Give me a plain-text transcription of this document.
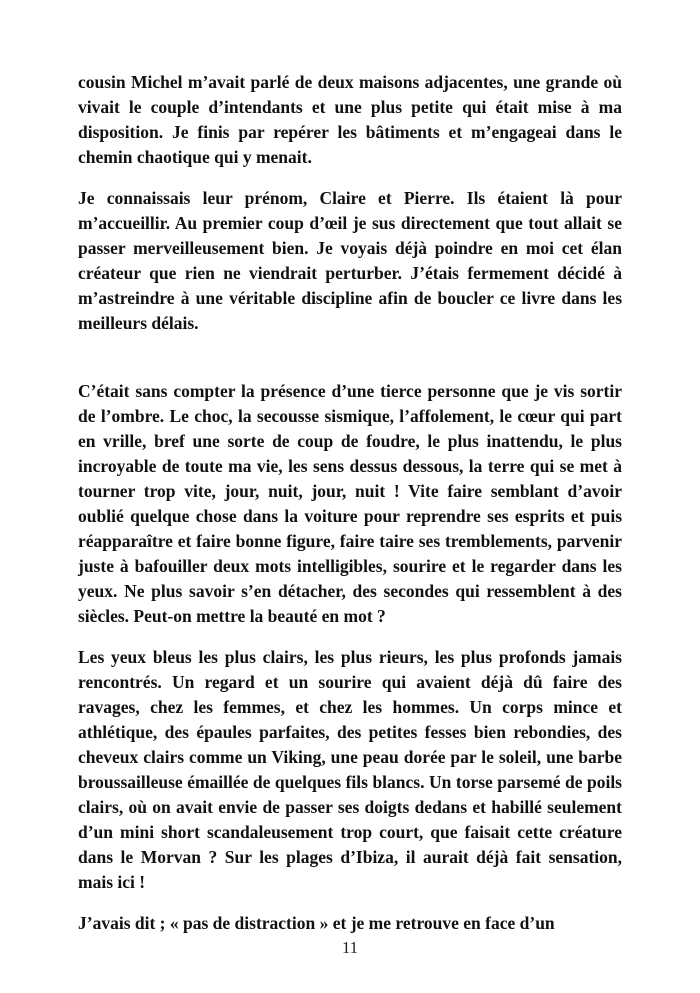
cousin Michel m’avait parlé de deux maisons adjacentes, une grande où vivait le couple d’intendants et une plus petite qui était mise à ma disposition. Je finis par repérer les bâtiments et m’engageai dans le chemin chaotique qui y menait.

Je connaissais leur prénom, Claire et Pierre. Ils étaient là pour m’accueillir. Au premier coup d’œil je sus directement que tout allait se passer merveilleusement bien. Je voyais déjà poindre en moi cet élan créateur que rien ne viendrait perturber. J’étais fermement décidé à m’astreindre à une véritable discipline afin de boucler ce livre dans les meilleurs délais.

C’était sans compter la présence d’une tierce personne que je vis sortir de l’ombre. Le choc, la secousse sismique, l’affolement, le cœur qui part en vrille, bref une sorte de coup de foudre, le plus inattendu, le plus incroyable de toute ma vie, les sens dessus dessous, la terre qui se met à tourner trop vite, jour, nuit, jour, nuit ! Vite faire semblant d’avoir oublié quelque chose dans la voiture pour reprendre ses esprits et puis réapparaître et faire bonne figure, faire taire ses tremblements, parvenir juste à bafouiller deux mots intelligibles, sourire et le regarder dans les yeux. Ne plus savoir s’en détacher, des secondes qui ressemblent à des siècles. Peut-on mettre la beauté en mot ?

Les yeux bleus les plus clairs, les plus rieurs, les plus profonds jamais rencontrés. Un regard et un sourire qui avaient déjà dû faire des ravages, chez les femmes, et chez les hommes. Un corps mince et athlétique, des épaules parfaites, des petites fesses bien rebondies, des cheveux clairs comme un Viking, une peau dorée par le soleil, une barbe broussailleuse émaillée de quelques fils blancs. Un torse parsemé de poils clairs, où on avait envie de passer ses doigts dedans et habillé seulement d’un mini short scandaleusement trop court, que faisait cette créature dans le Morvan ? Sur les plages d’Ibiza, il aurait déjà fait sensation, mais ici !

J’avais dit ; « pas de distraction » et je me retrouve en face d’un

11
